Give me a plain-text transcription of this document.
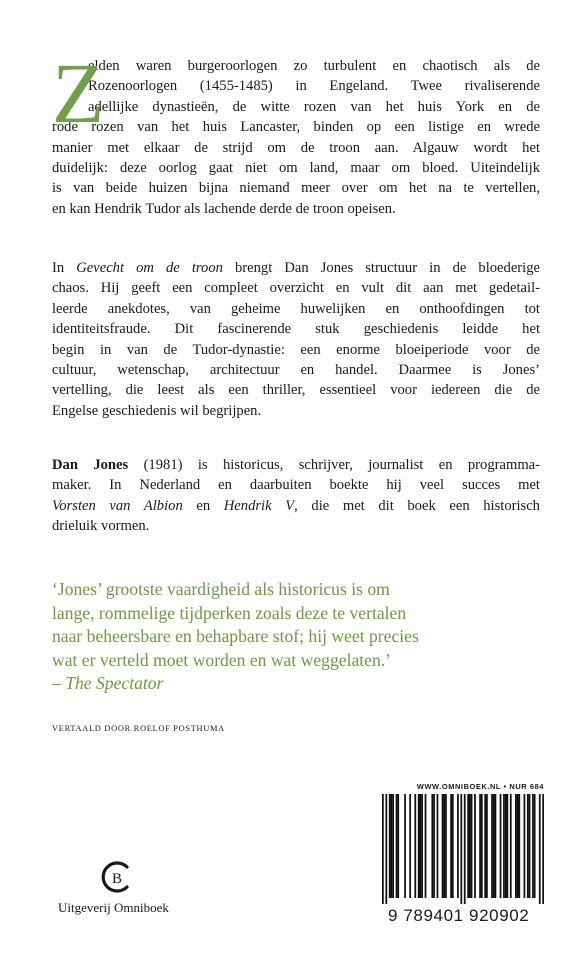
Z
elden waren burgeroorlogen zo turbulent en chaotisch als de
Rozenoorlogen (1455-1485) in Engeland. Twee rivaliserende
adellijke dynastieën, de witte rozen van het huis York en de
rode rozen van het huis Lancaster, binden op een listige en wrede
manier met elkaar de strijd om de troon aan. Algauw wordt het
duidelijk: deze oorlog gaat niet om land, maar om bloed. Uiteindelijk
is van beide huizen bijna niemand meer over om het na te vertellen,
en kan Hendrik Tudor als lachende derde de troon opeisen.
In Gevecht om de troon brengt Dan Jones structuur in de bloederige
chaos. Hij geeft een compleet overzicht en vult dit aan met gedetail-
leerde anekdotes, van geheime huwelijken en onthoofdingen tot
identiteitsfraude. Dit fascinerende stuk geschiedenis leidde het
begin in van de Tudor-dynastie: een enorme bloeiperiode voor de
cultuur, wetenschap, architectuur en handel. Daarmee is Jones’
vertelling, die leest als een thriller, essentieel voor iedereen die de
Engelse geschiedenis wil begrijpen.
Dan Jones (1981) is historicus, schrijver, journalist en programma-
maker. In Nederland en daarbuiten boekte hij veel succes met
Vorsten van Albion en Hendrik V, die met dit boek een historisch
drieluik vormen.
‘Jones’ grootste vaardigheid als historicus is om
lange, rommelige tijdperken zoals deze te vertalen
naar beheersbare en behapbare stof; hij weet precies
wat er verteld moet worden en wat weggelaten.’
– The Spectator
VERTAALD DOOR ROELOF POSTHUMA
B
Uitgeverij Omniboek
WWW.OMNIBOEK.NL • NUR 684
9 789401 920902
